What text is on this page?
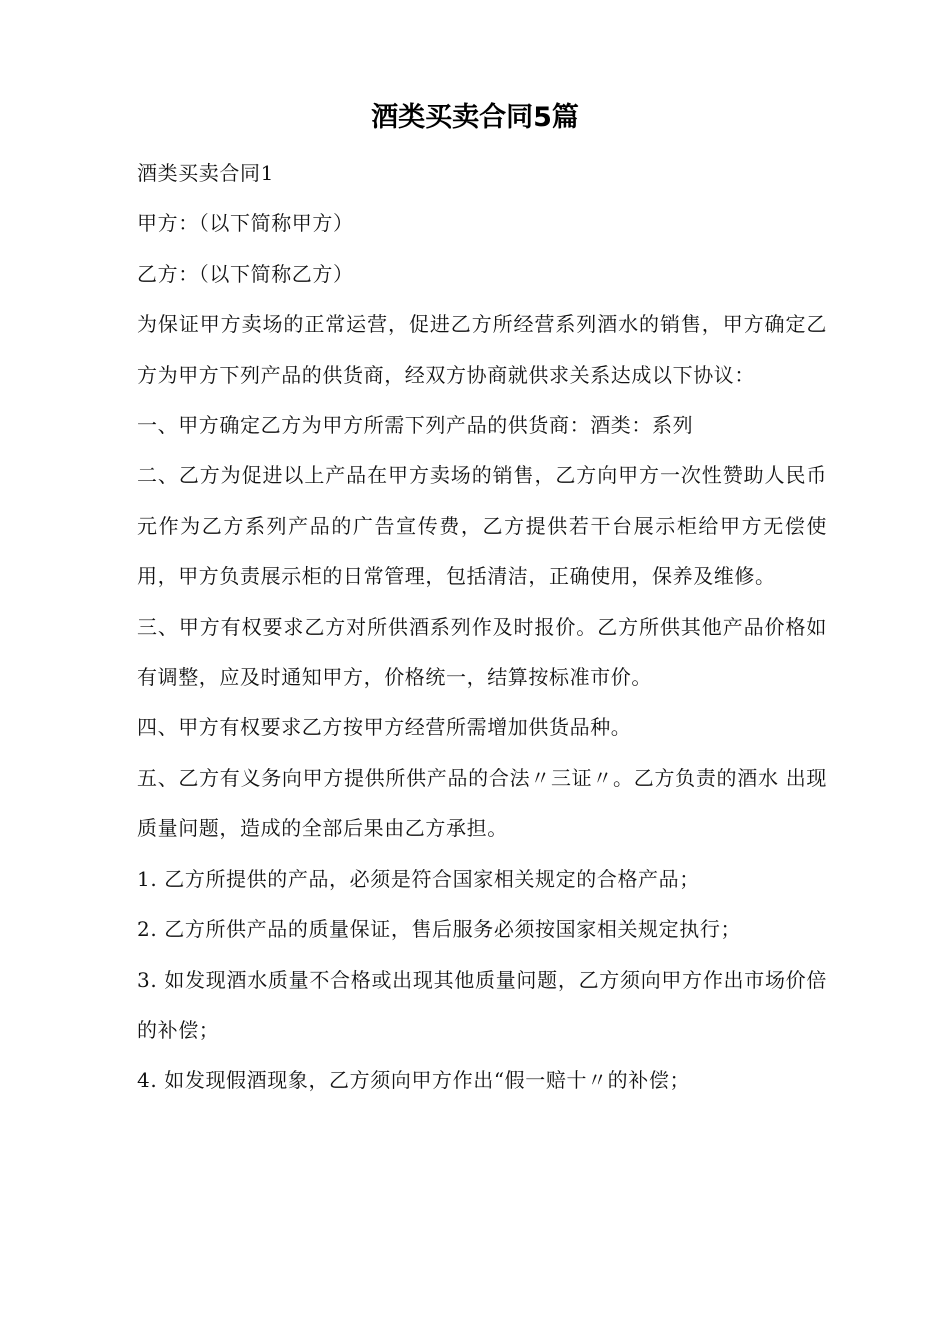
酒类买卖合同5篇

酒类买卖合同1

甲方：（以下简称甲方）

乙方：（以下简称乙方）

为保证甲方卖场的正常运营，促进乙方所经营系列酒水的销售，甲方确定乙方为甲方下列产品的供货商，经双方协商就供求关系达成以下协议：

一、甲方确定乙方为甲方所需下列产品的供货商：酒类：系列

二、乙方为促进以上产品在甲方卖场的销售，乙方向甲方一次性赞助人民币元作为乙方系列产品的广告宣传费，乙方提供若干台展示柜给甲方无偿使用，甲方负责展示柜的日常管理，包括清洁，正确使用，保养及维修。

三、甲方有权要求乙方对所供酒系列作及时报价。乙方所供其他产品价格如有调整，应及时通知甲方，价格统一，结算按标准市价。

四、甲方有权要求乙方按甲方经营所需增加供货品种。

五、乙方有义务向甲方提供所供产品的合法〃三证〃。乙方负责的酒水 出现质量问题，造成的全部后果由乙方承担。

1. 乙方所提供的产品，必须是符合国家相关规定的合格产品；

2. 乙方所供产品的质量保证，售后服务必须按国家相关规定执行；

3. 如发现酒水质量不合格或出现其他质量问题，乙方须向甲方作出市场价倍的补偿；

4. 如发现假酒现象，乙方须向甲方作出“假一赔十〃的补偿；
